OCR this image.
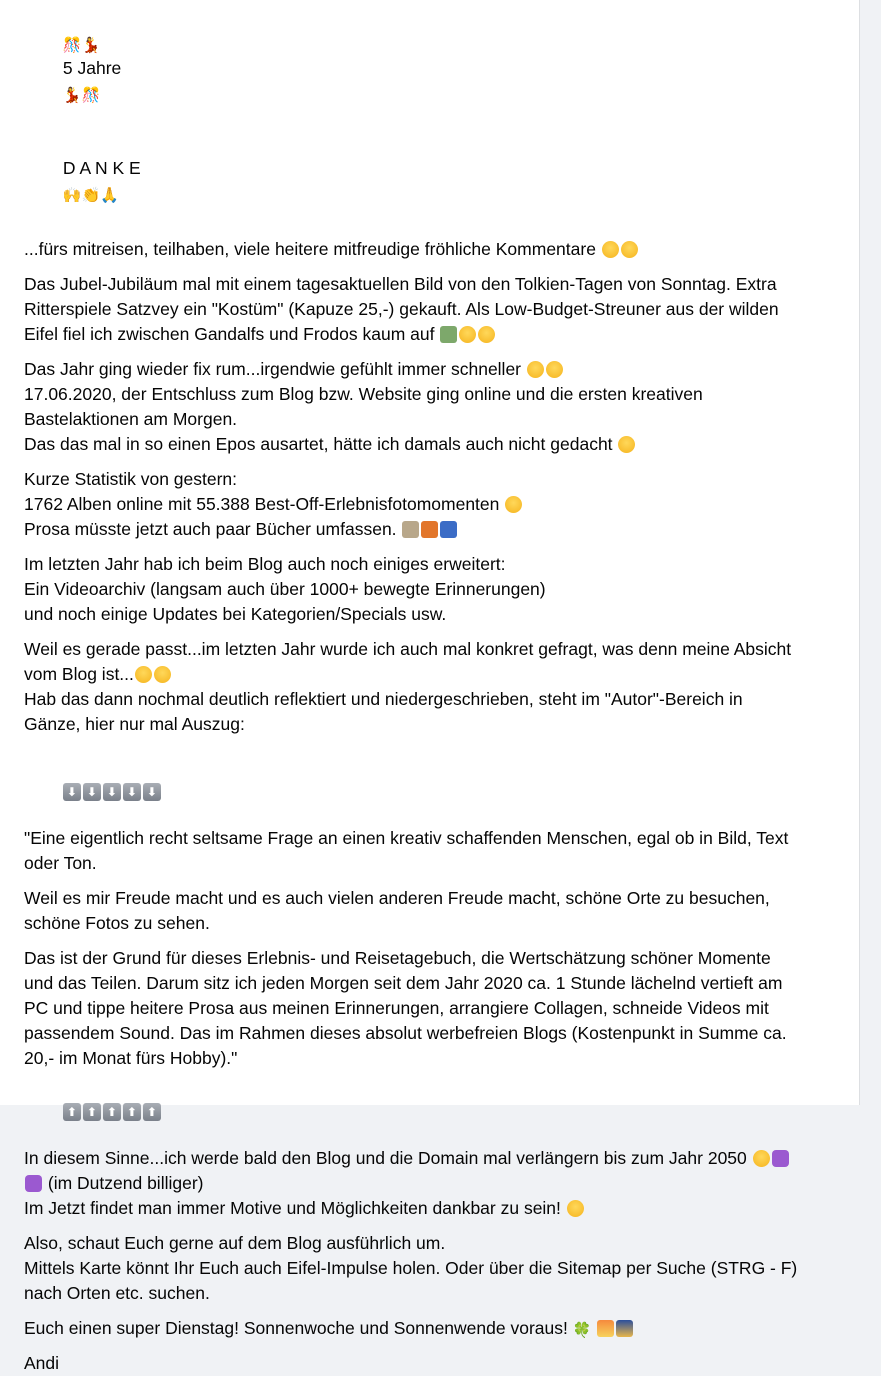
🎊💃
5 Jahre
💃🎊

D A N K E
🙌👏🙏

...fürs mitreisen, teilhaben, viele heitere mitfreudige fröhliche Kommentare
Das Jubel-Jubiläum mal mit einem tagesaktuellen Bild von den Tolkien-Tagen von Sonntag. Extra
Ritterspiele Satzvey ein "Kostüm" (Kapuze 25,-) gekauft. Als Low-Budget-Streuner aus der wilden
Eifel fiel ich zwischen Gandalfs und Frodos kaum auf
Das Jahr ging wieder fix rum...irgendwie gefühlt immer schneller
17.06.2020, der Entschluss zum Blog bzw. Website ging online und die ersten kreativen
Bastelaktionen am Morgen.
Das das mal in so einen Epos ausartet, hätte ich damals auch nicht gedacht
Kurze Statistik von gestern:
1762 Alben online mit 55.388 Best-Off-Erlebnisfotomomenten
Prosa müsste jetzt auch paar Bücher umfassen.
Im letzten Jahr hab ich beim Blog auch noch einiges erweitert:
Ein Videoarchiv (langsam auch über 1000+ bewegte Erinnerungen)
und noch einige Updates bei Kategorien/Specials usw.
Weil es gerade passt...im letzten Jahr wurde ich auch mal konkret gefragt, was denn meine Absicht
vom Blog ist...
Hab das dann nochmal deutlich reflektiert und niedergeschrieben, steht im "Autor"-Bereich in
Gänze, hier nur mal Auszug:

⬇ ⬇ ⬇ ⬇ ⬇

"Eine eigentlich recht seltsame Frage an einen kreativ schaffenden Menschen, egal ob in Bild, Text
oder Ton.
Weil es mir Freude macht und es auch vielen anderen Freude macht, schöne Orte zu besuchen,
schöne Fotos zu sehen.
Das ist der Grund für dieses Erlebnis- und Reisetagebuch, die Wertschätzung schöner Momente
und das Teilen. Darum sitz ich jeden Morgen seit dem Jahr 2020 ca. 1 Stunde lächelnd vertieft am
PC und tippe heitere Prosa aus meinen Erinnerungen, arrangiere Collagen, schneide Videos mit
passendem Sound. Das im Rahmen dieses absolut werbefreien Blogs (Kostenpunkt in Summe ca.
20,- im Monat fürs Hobby)."

⬆ ⬆ ⬆ ⬆ ⬆

In diesem Sinne...ich werde bald den Blog und die Domain mal verlängern bis zum Jahr 2050
(im Dutzend billiger)
Im Jetzt findet man immer Motive und Möglichkeiten dankbar zu sein!
Also, schaut Euch gerne auf dem Blog ausführlich um.
Mittels Karte könnt Ihr Euch auch Eifel-Impulse holen. Oder über die Sitemap per Suche (STRG - F)
nach Orten etc. suchen.
Euch einen super Dienstag! Sonnenwoche und Sonnenwende voraus! 🍀
Andi
